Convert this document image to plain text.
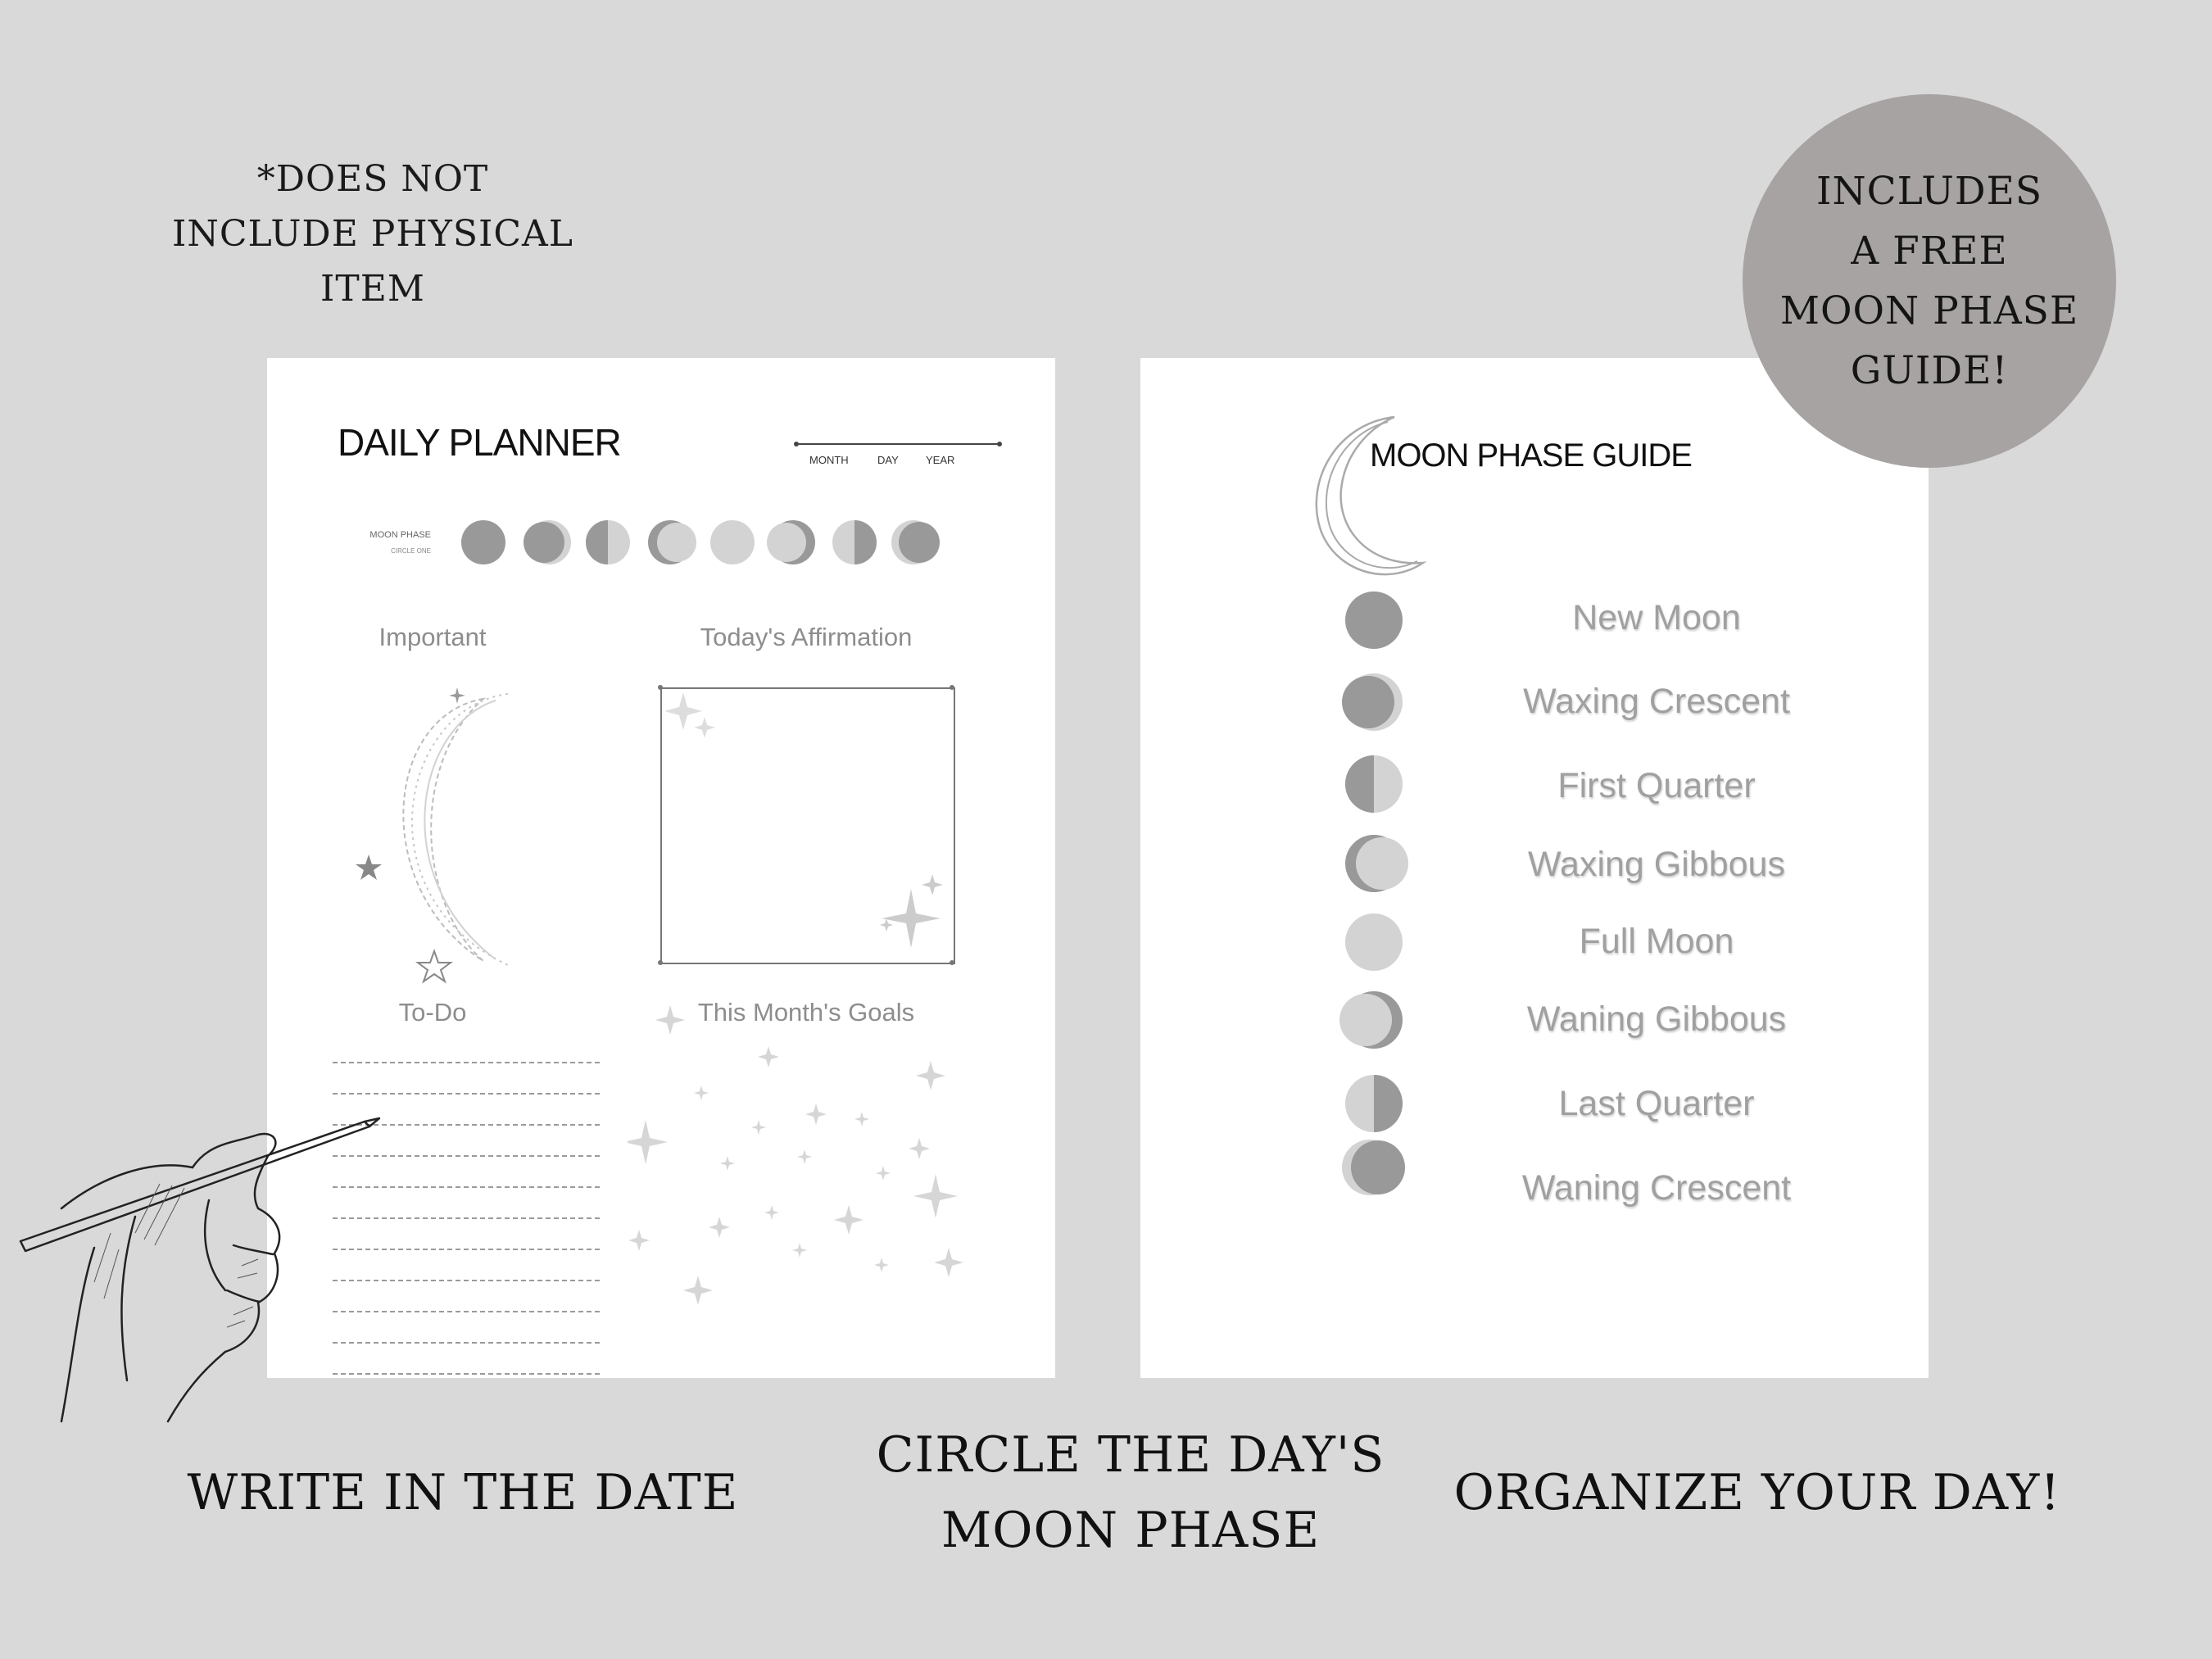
*DOES NOT
INCLUDE PHYSICAL
ITEM
DAILY PLANNER	MONTH	DAY	YEAR
MOON PHASE
CIRCLE ONE
Important	Today's Affirmation
To-Do	This Month's Goals
MOON PHASE GUIDE
New Moon
Waxing Crescent
First Quarter
Waxing Gibbous
Full Moon
Waning Gibbous
Last Quarter
Waning Crescent
INCLUDES
A FREE
MOON PHASE
GUIDE!
WRITE IN THE DATE
CIRCLE THE DAY'S
MOON PHASE
ORGANIZE YOUR DAY!
